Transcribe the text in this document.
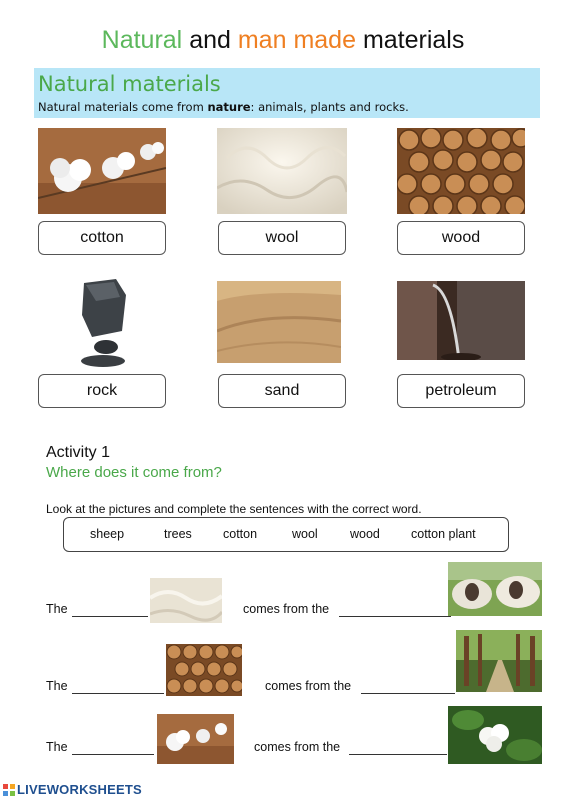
Natural and man made materials
Natural materials
Natural materials come from nature: animals, plants and rocks.
cotton	wool	wood
rock	sand	petroleum
Activity 1
Where does it come from?
Look at the pictures and complete the sentences with the correct word.
sheep	trees cotton	wool	wood cotton plant
The	comes from the
The	comes from the
The	comes from the
LIVEWORKSHEETS
